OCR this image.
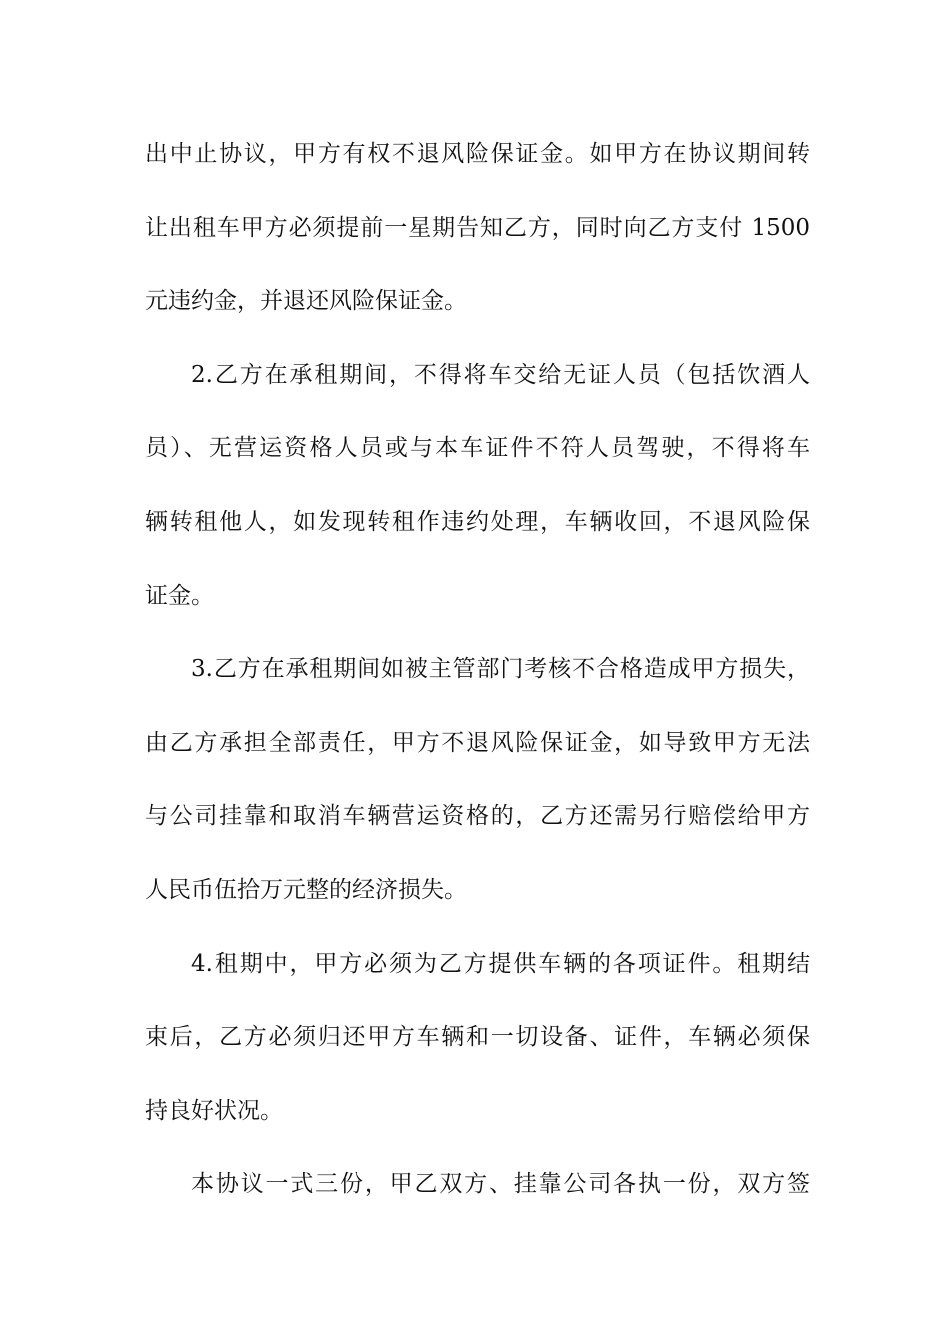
出中止协议，甲方有权不退风险保证金。如甲方在协议期间转
让出租车甲方必须提前一星期告知乙方，同时向乙方支付 1500
元违约金，并退还风险保证金。
2.乙方在承租期间，不得将车交给无证人员（包括饮酒人
员）、无营运资格人员或与本车证件不符人员驾驶，不得将车
辆转租他人，如发现转租作违约处理，车辆收回，不退风险保
证金。
3.乙方在承租期间如被主管部门考核不合格造成甲方损失，
由乙方承担全部责任，甲方不退风险保证金，如导致甲方无法
与公司挂靠和取消车辆营运资格的，乙方还需另行赔偿给甲方
人民币伍拾万元整的经济损失。
4.租期中，甲方必须为乙方提供车辆的各项证件。租期结
束后，乙方必须归还甲方车辆和一切设备、证件，车辆必须保
持良好状况。
本协议一式三份，甲乙双方、挂靠公司各执一份，双方签
